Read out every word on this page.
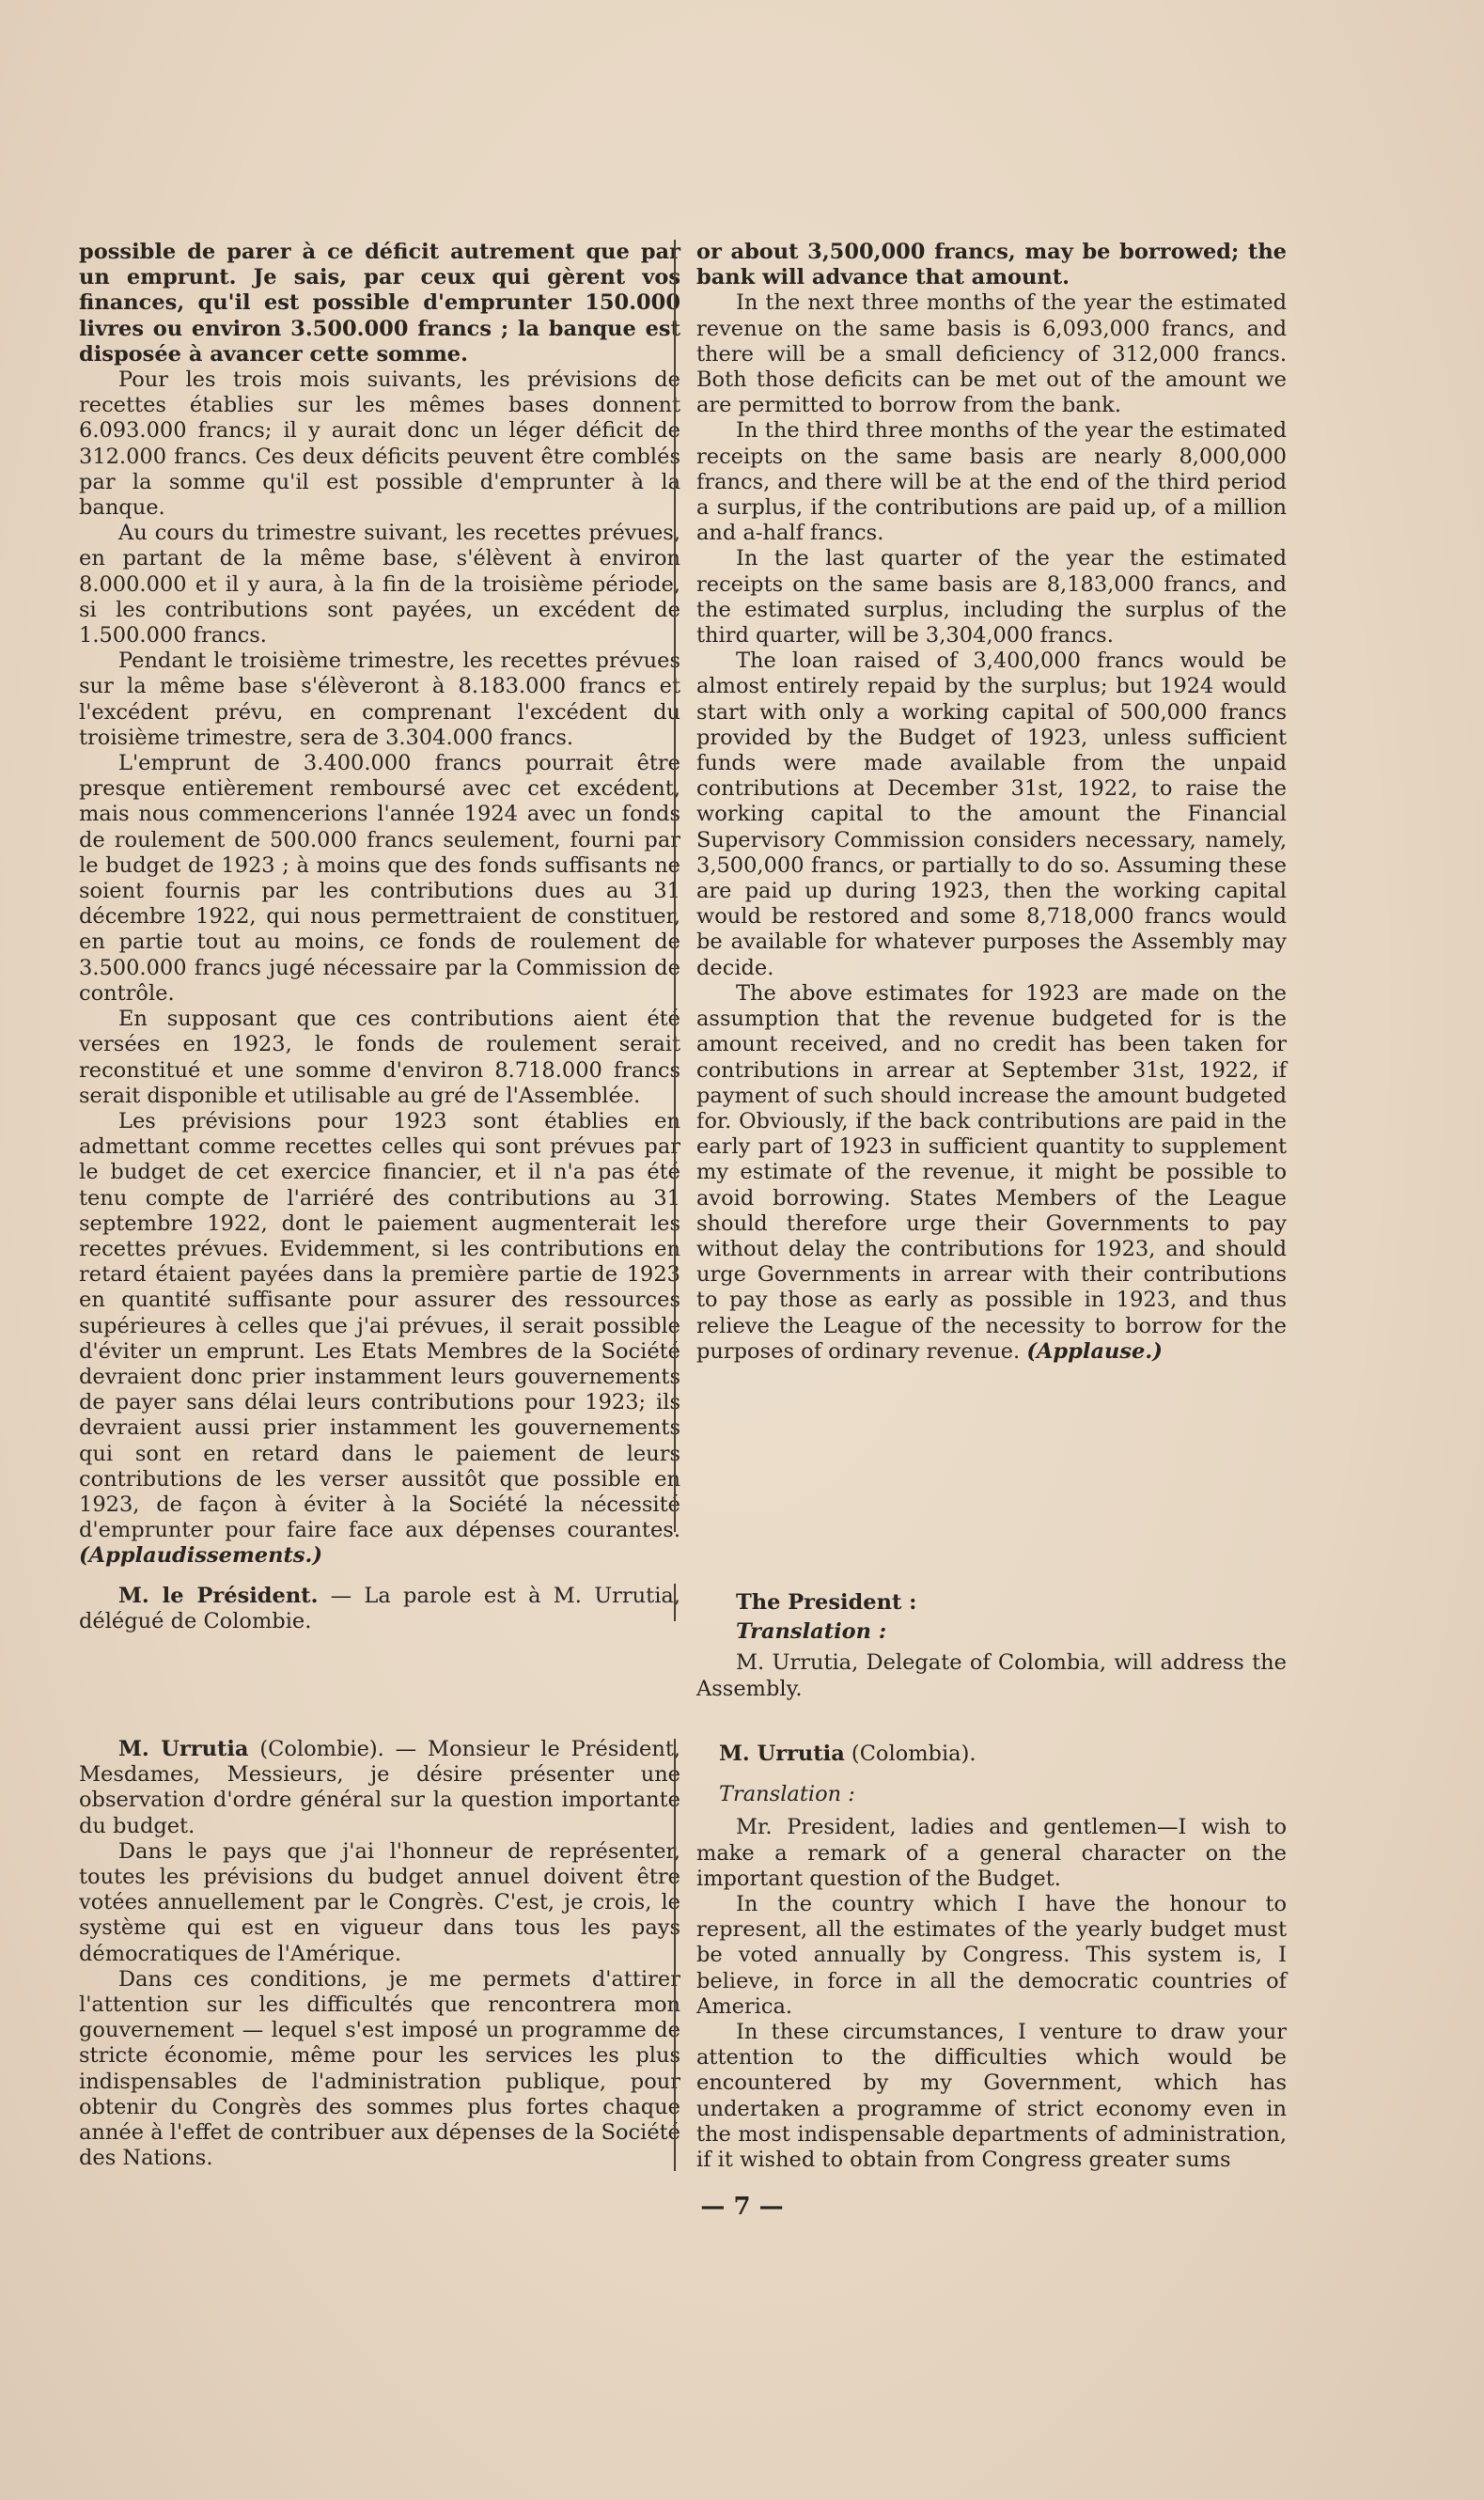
possible de parer à ce déficit autrement que par un emprunt. Je sais, par ceux qui gèrent vos finances, qu'il est possible d'emprunter 150.000 livres ou environ 3.500.000 francs ; la banque est disposée à avancer cette somme.

Pour les trois mois suivants, les prévisions de recettes établies sur les mêmes bases donnent 6.093.000 francs; il y aurait donc un léger déficit de 312.000 francs. Ces deux déficits peuvent être comblés par la somme qu'il est possible d'emprunter à la banque.

Au cours du trimestre suivant, les recettes prévues, en partant de la même base, s'élèvent à environ 8.000.000 et il y aura, à la fin de la troisième période, si les contributions sont payées, un excédent de 1.500.000 francs.

Pendant le troisième trimestre, les recettes prévues sur la même base s'élèveront à 8.183.000 francs et l'excédent prévu, en comprenant l'excédent du troisième trimestre, sera de 3.304.000 francs.

L'emprunt de 3.400.000 francs pourrait être presque entièrement remboursé avec cet excédent, mais nous commencerions l'année 1924 avec un fonds de roulement de 500.000 francs seulement, fourni par le budget de 1923 ; à moins que des fonds suffisants ne soient fournis par les contributions dues au 31 décembre 1922, qui nous permettraient de constituer, en partie tout au moins, ce fonds de roulement de 3.500.000 francs jugé nécessaire par la Commission de contrôle.

En supposant que ces contributions aient été versées en 1923, le fonds de roulement serait reconstitué et une somme d'environ 8.718.000 francs serait disponible et utilisable au gré de l'Assemblée.

Les prévisions pour 1923 sont établies en admettant comme recettes celles qui sont prévues par le budget de cet exercice financier, et il n'a pas été tenu compte de l'arriéré des contributions au 31 septembre 1922, dont le paiement augmenterait les recettes prévues. Evidemment, si les contributions en retard étaient payées dans la première partie de 1923 en quantité suffisante pour assurer des ressources supérieures à celles que j'ai prévues, il serait possible d'éviter un emprunt. Les Etats Membres de la Société devraient donc prier instamment leurs gouvernements de payer sans délai leurs contributions pour 1923; ils devraient aussi prier instamment les gouvernements qui sont en retard dans le paiement de leurs contributions de les verser aussitôt que possible en 1923, de façon à éviter à la Société la nécessité d'emprunter pour faire face aux dépenses courantes. (Applaudissements.)

or about 3,500,000 francs, may be borrowed; the bank will advance that amount.

In the next three months of the year the estimated revenue on the same basis is 6,093,000 francs, and there will be a small deficiency of 312,000 francs. Both those deficits can be met out of the amount we are permitted to borrow from the bank.

In the third three months of the year the estimated receipts on the same basis are nearly 8,000,000 francs, and there will be at the end of the third period a surplus, if the contributions are paid up, of a million and a-half francs.

In the last quarter of the year the estimated receipts on the same basis are 8,183,000 francs, and the estimated surplus, including the surplus of the third quarter, will be 3,304,000 francs.

The loan raised of 3,400,000 francs would be almost entirely repaid by the surplus; but 1924 would start with only a working capital of 500,000 francs provided by the Budget of 1923, unless sufficient funds were made available from the unpaid contributions at December 31st, 1922, to raise the working capital to the amount the Financial Supervisory Commission considers necessary, namely, 3,500,000 francs, or partially to do so. Assuming these are paid up during 1923, then the working capital would be restored and some 8,718,000 francs would be available for whatever purposes the Assembly may decide.

The above estimates for 1923 are made on the assumption that the revenue budgeted for is the amount received, and no credit has been taken for contributions in arrear at September 31st, 1922, if payment of such should increase the amount budgeted for. Obviously, if the back contributions are paid in the early part of 1923 in sufficient quantity to supplement my estimate of the revenue, it might be possible to avoid borrowing. States Members of the League should therefore urge their Governments to pay without delay the contributions for 1923, and should urge Governments in arrear with their contributions to pay those as early as possible in 1923, and thus relieve the League of the necessity to borrow for the purposes of ordinary revenue. (Applause.)

M. le Président. — La parole est à M. Urrutia, délégué de Colombie.

The President :

Translation :

M. Urrutia, Delegate of Colombia, will address the Assembly.

M. Urrutia (Colombie). — Monsieur le Président, Mesdames, Messieurs, je désire présenter une observation d'ordre général sur la question importante du budget.

Dans le pays que j'ai l'honneur de représenter, toutes les prévisions du budget annuel doivent être votées annuellement par le Congrès. C'est, je crois, le système qui est en vigueur dans tous les pays démocratiques de l'Amérique.

Dans ces conditions, je me permets d'attirer l'attention sur les difficultés que rencontrera mon gouvernement — lequel s'est imposé un programme de stricte économie, même pour les services les plus indispensables de l'administration publique, pour obtenir du Congrès des sommes plus fortes chaque année à l'effet de contribuer aux dépenses de la Société des Nations.

M. Urrutia (Colombia).

Translation :

Mr. President, ladies and gentlemen—I wish to make a remark of a general character on the important question of the Budget.

In the country which I have the honour to represent, all the estimates of the yearly budget must be voted annually by Congress. This system is, I believe, in force in all the democratic countries of America.

In these circumstances, I venture to draw your attention to the difficulties which would be encountered by my Government, which has undertaken a programme of strict economy even in the most indispensable departments of administration, if it wished to obtain from Congress greater sums

— 7 —
